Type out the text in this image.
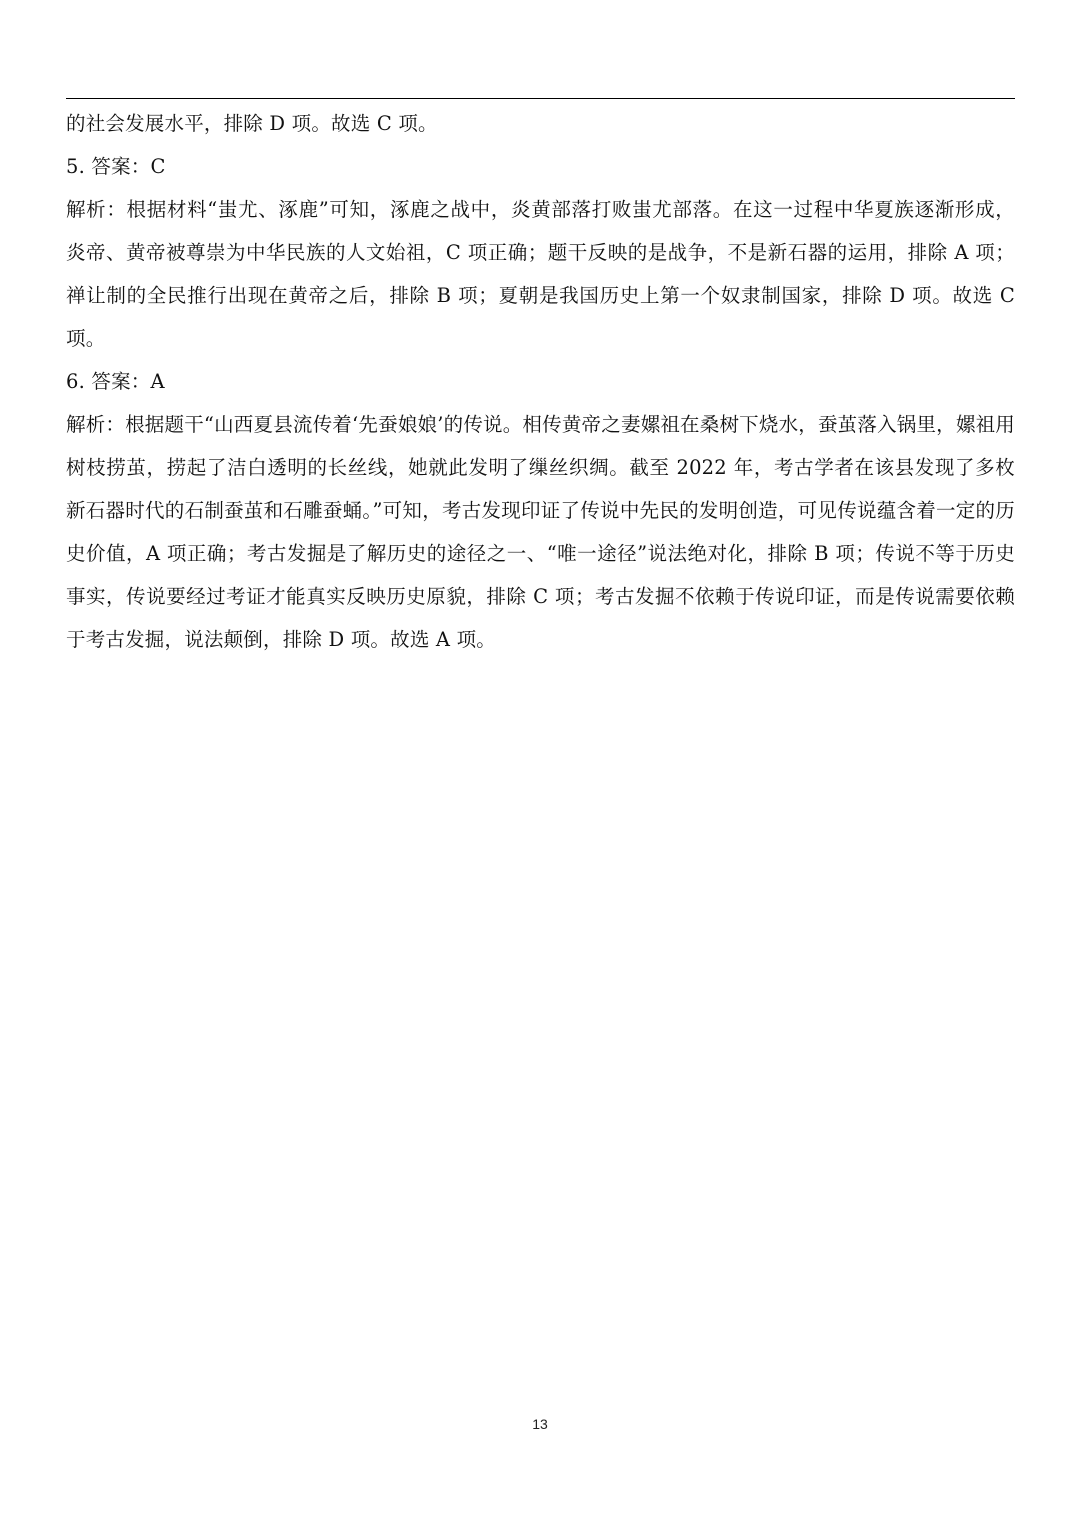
的社会发展水平，排除 D 项。故选 C 项。

5. 答案：C

解析：根据材料“蚩尤、涿鹿”可知，涿鹿之战中，炎黄部落打败蚩尤部落。在这一过程中华夏族逐渐形成， 炎帝、黄帝被尊崇为中华民族的人文始祖，C 项正确；题干反映的是战争，不是新石器的运用，排除 A 项；禅让制的全民推行出现在黄帝之后，排除 B 项；夏朝是我国历史上第一个奴隶制国家，排除 D 项。故选 C 项。

6. 答案：A

解析：根据题干“山西夏县流传着‘先蚕娘娘’的传说。相传黄帝之妻嫘祖在桑树下烧水，蚕茧落入锅里，嫘祖用树枝捞茧，捞起了洁白透明的长丝线，她就此发明了缫丝织绸。截至 2022 年，考古学者在该县发现了多枚新石器时代的石制蚕茧和石雕蚕蛹。”可知，考古发现印证了传说中先民的发明创造，可见传说蕴含着一定的历史价值，A 项正确；考古发掘是了解历史的途径之一、“唯一途径”说法绝对化，排除 B 项；传说不等于历史事实，传说要经过考证才能真实反映历史原貌，排除 C 项；考古发掘不依赖于传说印证，而是传说需要依赖于考古发掘，说法颠倒，排除 D 项。故选 A 项。

13
